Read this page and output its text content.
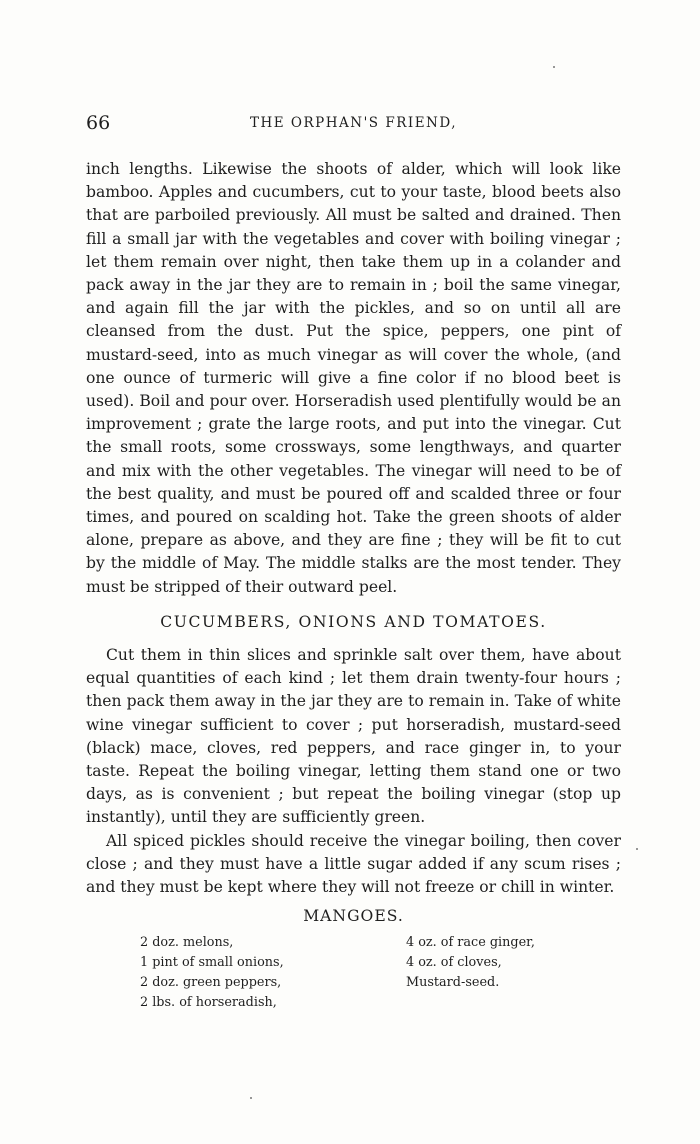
66	THE ORPHAN'S FRIEND,

inch lengths. Likewise the shoots of alder, which will look like bamboo. Apples and cucumbers, cut to your taste, blood beets also that are parboiled previously. All must be salted and drained. Then fill a small jar with the vegetables and cover with boiling vinegar ; let them remain over night, then take them up in a colander and pack away in the jar they are to remain in ; boil the same vinegar, and again fill the jar with the pickles, and so on until all are cleansed from the dust. Put the spice, peppers, one pint of mustard-seed, into as much vinegar as will cover the whole, (and one ounce of turmeric will give a fine color if no blood beet is used). Boil and pour over. Horseradish used plentifully would be an improvement ; grate the large roots, and put into the vinegar. Cut the small roots, some crossways, some lengthways, and quarter and mix with the other vegetables. The vinegar will need to be of the best quality, and must be poured off and scalded three or four times, and poured on scalding hot. Take the green shoots of alder alone, prepare as above, and they are fine ; they will be fit to cut by the middle of May. The middle stalks are the most tender. They must be stripped of their outward peel.

CUCUMBERS, ONIONS AND TOMATOES.

Cut them in thin slices and sprinkle salt over them, have about equal quantities of each kind ; let them drain twenty-four hours ; then pack them away in the jar they are to remain in. Take of white wine vinegar sufficient to cover ; put horseradish, mustard-seed (black) mace, cloves, red peppers, and race ginger in, to your taste. Repeat the boiling vinegar, letting them stand one or two days, as is convenient ; but repeat the boiling vinegar (stop up instantly), until they are sufficiently green.

All spiced pickles should receive the vinegar boiling, then cover close ; and they must have a little sugar added if any scum rises ; and they must be kept where they will not freeze or chill in winter.

MANGOES.
2 doz. melons,
1 pint of small onions,
2 doz. green peppers,
2 lbs. of horseradish,
4 oz. of race ginger,
4 oz. of cloves,
Mustard-seed.
